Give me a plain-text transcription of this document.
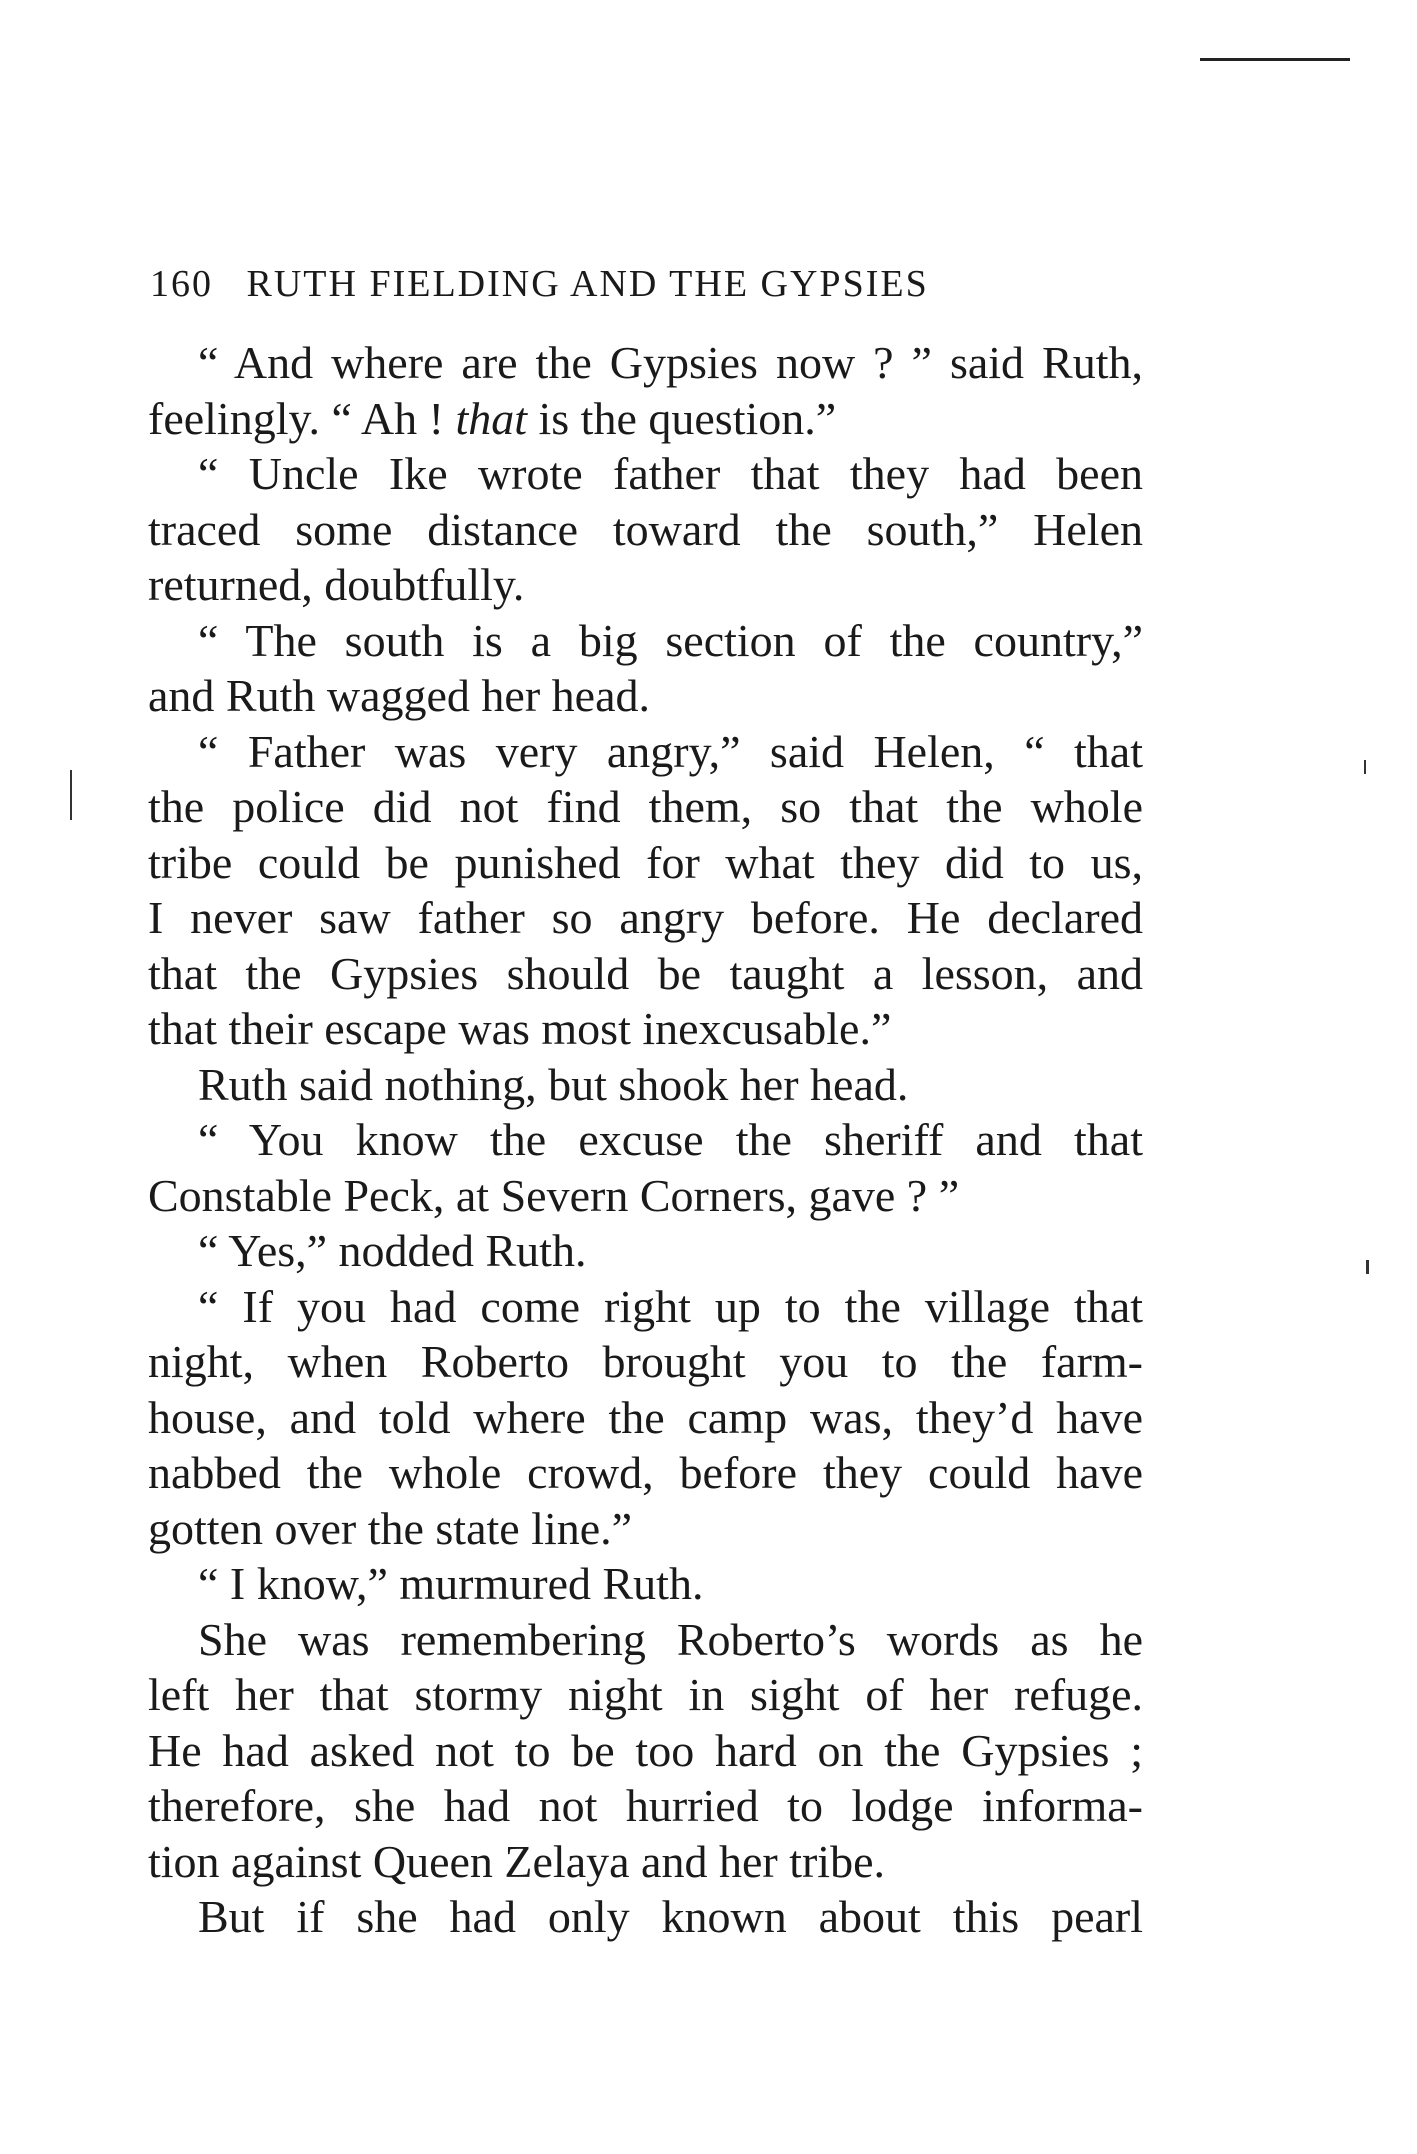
160 RUTH FIELDING AND THE GYPSIES
“ And where are the Gypsies now ? ” said Ruth,
feelingly. “ Ah ! that is the question.”
“ Uncle Ike wrote father that they had been
traced some distance toward the south,” Helen
returned, doubtfully.
“ The south is a big section of the country,”
and Ruth wagged her head.
“ Father was very angry,” said Helen, “ that
the police did not find them, so that the whole
tribe could be punished for what they did to us,
I never saw father so angry before. He declared
that the Gypsies should be taught a lesson, and
that their escape was most inexcusable.”
Ruth said nothing, but shook her head.
“ You know the excuse the sheriff and that
Constable Peck, at Severn Corners, gave ? ”
“ Yes,” nodded Ruth.
“ If you had come right up to the village that
night, when Roberto brought you to the farm-
house, and told where the camp was, they’d have
nabbed the whole crowd, before they could have
gotten over the state line.”
“ I know,” murmured Ruth.
She was remembering Roberto’s words as he
left her that stormy night in sight of her refuge.
He had asked not to be too hard on the Gypsies ;
therefore, she had not hurried to lodge informa-
tion against Queen Zelaya and her tribe.
But if she had only known about this pearl
